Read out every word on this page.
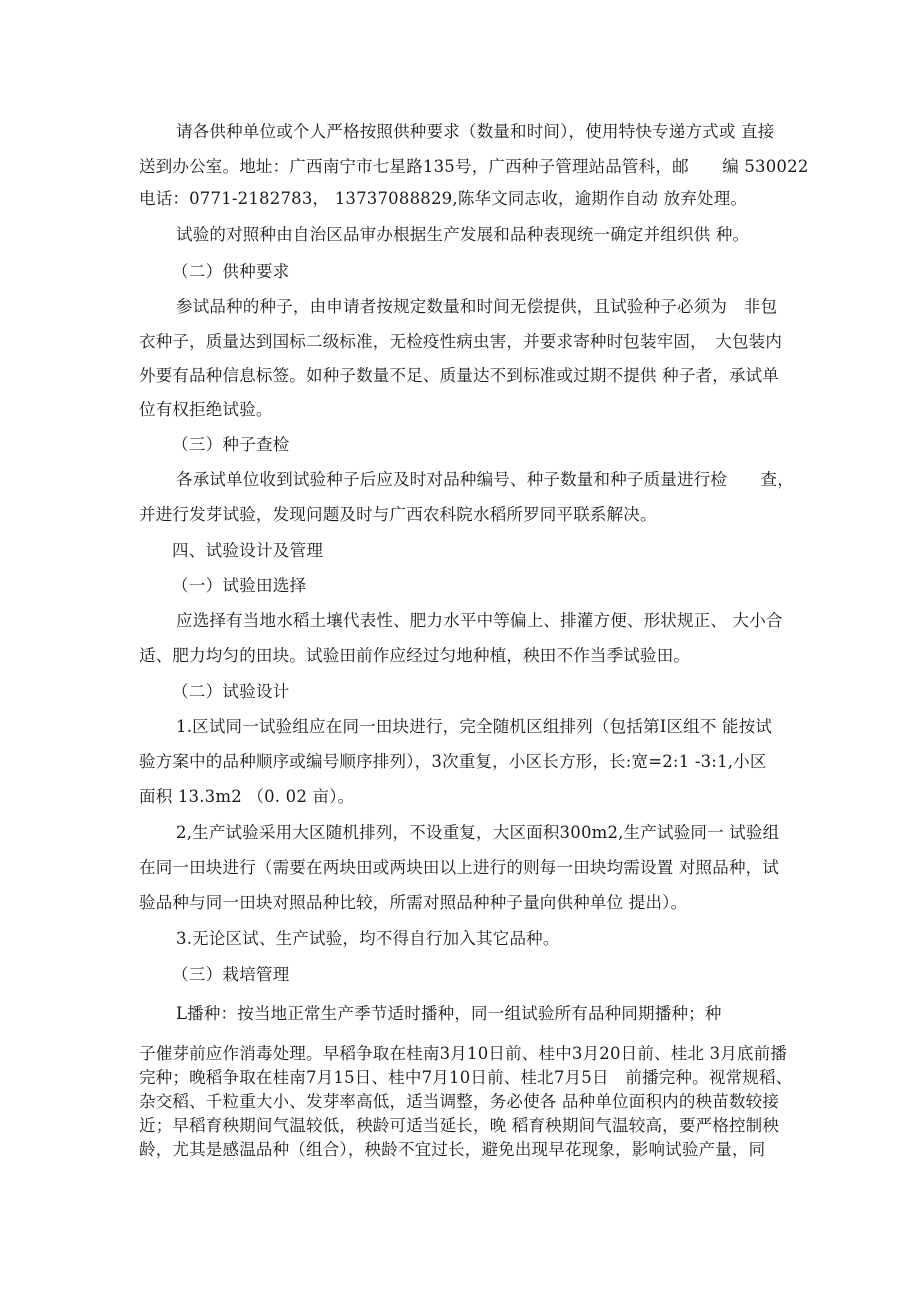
请各供种单位或个人严格按照供种要求（数量和时间），使用特快专递方式或 直接
送到办公室。地址：广西南宁市七星路135号，广西种子管理站品管科，邮　　编 530022
电话：0771-2182783， 13737088829,陈华文同志收，逾期作自动 放弃处理。
试验的对照种由自治区品审办根据生产发展和品种表现统一确定并组织供 种。
（二）供种要求
参试品种的种子，由申请者按规定数量和时间无偿提供，且试验种子必须为　非包
衣种子，质量达到国标二级标准，无检疫性病虫害，并要求寄种时包装牢固，　大包装内
外要有品种信息标签。如种子数量不足、质量达不到标准或过期不提供 种子者，承试单
位有权拒绝试验。
（三）种子查检
各承试单位收到试验种子后应及时对品种编号、种子数量和种子质量进行检　　查，
并进行发芽试验，发现问题及时与广西农科院水稻所罗同平联系解决。
四、试验设计及管理
（一）试验田选择
应选择有当地水稻土壤代表性、肥力水平中等偏上、排灌方便、形状规正、 大小合
适、肥力均匀的田块。试验田前作应经过匀地种植，秧田不作当季试验田。
（二）试验设计
1.区试同一试验组应在同一田块进行，完全随机区组排列（包括第Ⅰ区组不 能按试
验方案中的品种顺序或编号顺序排列），3次重复，小区长方形，长:宽=2:1 -3:1,小区
面积 13.3m2 （0. 02 亩）。
2,生产试验采用大区随机排列，不设重复，大区面积300m2,生产试验同一 试验组
在同一田块进行（需要在两块田或两块田以上进行的则每一田块均需设置 对照品种，试
验品种与同一田块对照品种比较，所需对照品种种子量向供种单位 提出）。
3.无论区试、生产试验，均不得自行加入其它品种。
（三）栽培管理
L播种：按当地正常生产季节适时播种，同一组试验所有品种同期播种；种
子催芽前应作消毒处理。早稻争取在桂南3月10日前、桂中3月20日前、桂北 3月底前播
完种；晚稻争取在桂南7月15日、桂中7月10日前、桂北7月5日　前播完种。视常规稻、
杂交稻、千粒重大小、发芽率高低，适当调整，务必使各 品种单位面积内的秧苗数较接
近；早稻育秧期间气温较低，秧龄可适当延长，晚 稻育秧期间气温较高，要严格控制秧
龄，尤其是感温品种（组合），秧龄不宜过长，避免出现早花现象，影响试验产量，同
